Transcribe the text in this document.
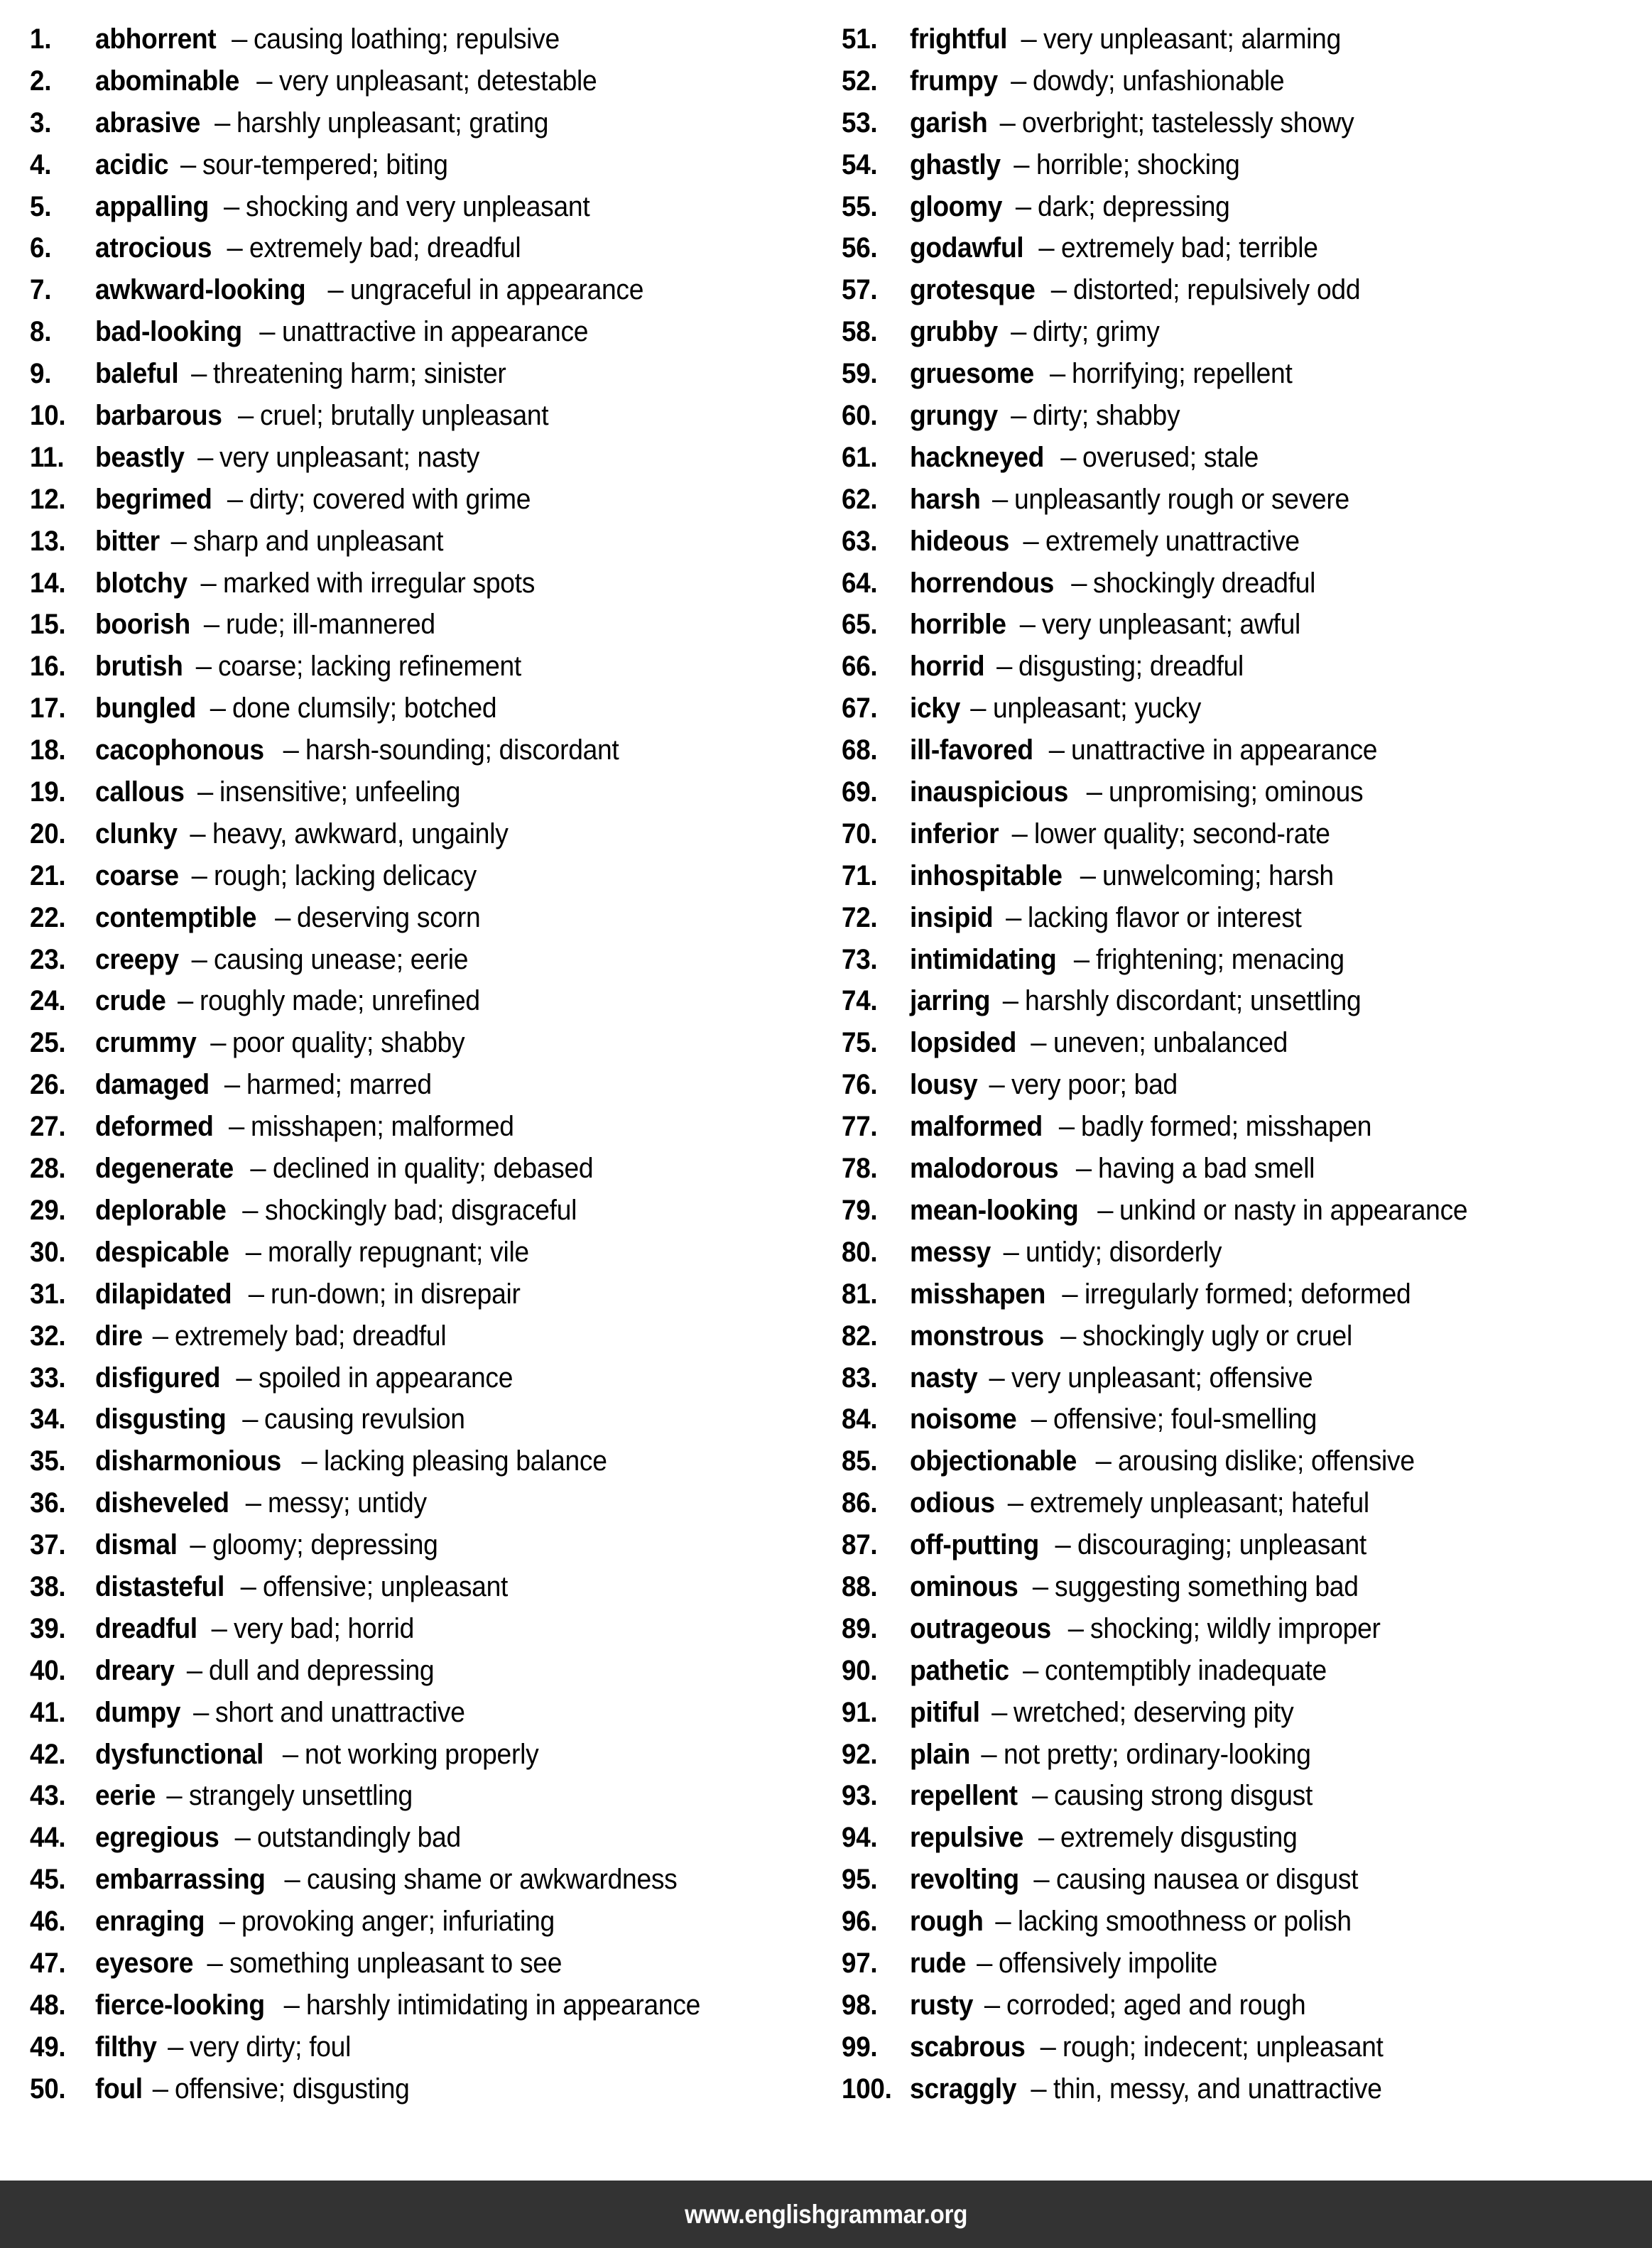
1.	abhorrent – causing loathing; repulsive
2.	abominable – very unpleasant; detestable
3.	abrasive – harshly unpleasant; grating
4.	acidic – sour-tempered; biting
5.	appalling – shocking and very unpleasant
6.	atrocious – extremely bad; dreadful
7.	awkward-looking – ungraceful in appearance
8.	bad-looking – unattractive in appearance
9.	baleful – threatening harm; sinister
10.	barbarous – cruel; brutally unpleasant
11.	beastly – very unpleasant; nasty
12.	begrimed – dirty; covered with grime
13.	bitter – sharp and unpleasant
14.	blotchy – marked with irregular spots
15.	boorish – rude; ill-mannered
16.	brutish – coarse; lacking refinement
17.	bungled – done clumsily; botched
18.	cacophonous – harsh-sounding; discordant
19.	callous – insensitive; unfeeling
20.	clunky – heavy, awkward, ungainly
21.	coarse – rough; lacking delicacy
22.	contemptible – deserving scorn
23.	creepy – causing unease; eerie
24.	crude – roughly made; unrefined
25.	crummy – poor quality; shabby
26.	damaged – harmed; marred
27.	deformed – misshapen; malformed
28.	degenerate – declined in quality; debased
29.	deplorable – shockingly bad; disgraceful
30.	despicable – morally repugnant; vile
31.	dilapidated – run-down; in disrepair
32.	dire – extremely bad; dreadful
33.	disfigured – spoiled in appearance
34.	disgusting – causing revulsion
35.	disharmonious – lacking pleasing balance
36.	disheveled – messy; untidy
37.	dismal – gloomy; depressing
38.	distasteful – offensive; unpleasant
39.	dreadful – very bad; horrid
40.	dreary – dull and depressing
41.	dumpy – short and unattractive
42.	dysfunctional – not working properly
43.	eerie – strangely unsettling
44.	egregious – outstandingly bad
45.	embarrassing – causing shame or awkwardness
46.	enraging – provoking anger; infuriating
47.	eyesore – something unpleasant to see
48.	fierce-looking – harshly intimidating in appearance
49.	filthy – very dirty; foul
50.	foul – offensive; disgusting
51.	frightful – very unpleasant; alarming
52.	frumpy – dowdy; unfashionable
53.	garish – overbright; tastelessly showy
54.	ghastly – horrible; shocking
55.	gloomy – dark; depressing
56.	godawful – extremely bad; terrible
57.	grotesque – distorted; repulsively odd
58.	grubby – dirty; grimy
59.	gruesome – horrifying; repellent
60.	grungy – dirty; shabby
61.	hackneyed – overused; stale
62.	harsh – unpleasantly rough or severe
63.	hideous – extremely unattractive
64.	horrendous – shockingly dreadful
65.	horrible – very unpleasant; awful
66.	horrid – disgusting; dreadful
67.	icky – unpleasant; yucky
68.	ill-favored – unattractive in appearance
69.	inauspicious – unpromising; ominous
70.	inferior – lower quality; second-rate
71.	inhospitable – unwelcoming; harsh
72.	insipid – lacking flavor or interest
73.	intimidating – frightening; menacing
74.	jarring – harshly discordant; unsettling
75.	lopsided – uneven; unbalanced
76.	lousy – very poor; bad
77.	malformed – badly formed; misshapen
78.	malodorous – having a bad smell
79.	mean-looking – unkind or nasty in appearance
80.	messy – untidy; disorderly
81.	misshapen – irregularly formed; deformed
82.	monstrous – shockingly ugly or cruel
83.	nasty – very unpleasant; offensive
84.	noisome – offensive; foul-smelling
85.	objectionable – arousing dislike; offensive
86.	odious – extremely unpleasant; hateful
87.	off-putting – discouraging; unpleasant
88.	ominous – suggesting something bad
89.	outrageous – shocking; wildly improper
90.	pathetic – contemptibly inadequate
91.	pitiful – wretched; deserving pity
92.	plain – not pretty; ordinary-looking
93.	repellent – causing strong disgust
94.	repulsive – extremely disgusting
95.	revolting – causing nausea or disgust
96.	rough – lacking smoothness or polish
97.	rude – offensively impolite
98.	rusty – corroded; aged and rough
99.	scabrous – rough; indecent; unpleasant
100. scraggly – thin, messy, and unattractive
www.englishgrammar.org
